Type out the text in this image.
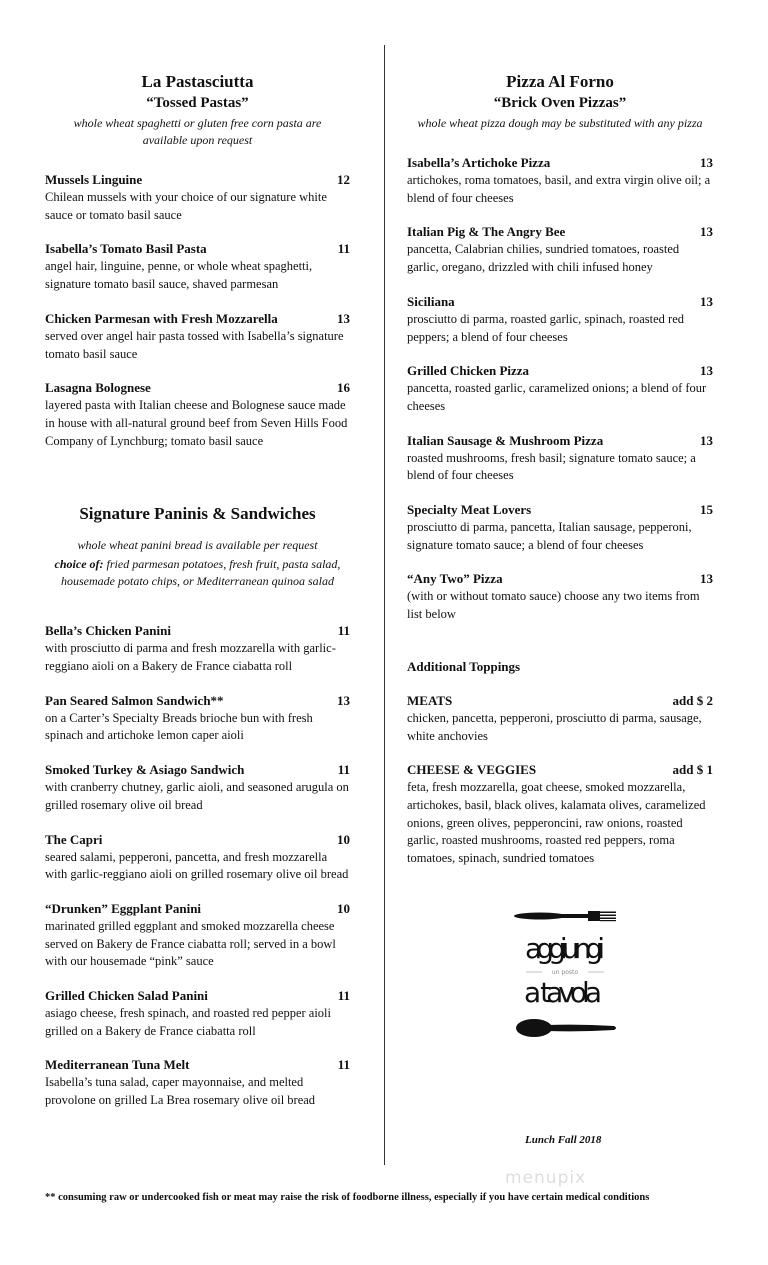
La Pastasciutta
“Tossed Pastas”
whole wheat spaghetti or gluten free corn pasta are available upon request
Mussels Linguine	12
Chilean mussels with your choice of our signature white sauce or tomato basil sauce
Isabella’s Tomato Basil Pasta	11
angel hair, linguine, penne, or whole wheat spaghetti, signature tomato basil sauce, shaved parmesan
Chicken Parmesan with Fresh Mozzarella	13
served over angel hair pasta tossed with Isabella’s signature tomato basil sauce
Lasagna Bolognese	16
layered pasta with Italian cheese and Bolognese sauce made in house with all-natural ground beef from Seven Hills Food Company of Lynchburg; tomato basil sauce
Signature Paninis & Sandwiches
whole wheat panini bread is available per request
choice of: fried parmesan potatoes, fresh fruit, pasta salad, housemade potato chips, or Mediterranean quinoa salad
Bella’s Chicken Panini	11
with prosciutto di parma and fresh mozzarella with garlic-reggiano aioli on a Bakery de France ciabatta roll
Pan Seared Salmon Sandwich**	13
on a Carter’s Specialty Breads brioche bun with fresh spinach and artichoke lemon caper aioli
Smoked Turkey & Asiago Sandwich	11
with cranberry chutney, garlic aioli, and seasoned arugula on grilled rosemary olive oil bread
The Capri	10
seared salami, pepperoni, pancetta, and fresh mozzarella with garlic-reggiano aioli on grilled rosemary olive oil bread
“Drunken” Eggplant Panini	10
marinated grilled eggplant and smoked mozzarella cheese served on Bakery de France ciabatta roll; served in a bowl with our housemade “pink” sauce
Grilled Chicken Salad Panini	11
asiago cheese, fresh spinach, and roasted red pepper aioli grilled on a Bakery de France ciabatta roll
Mediterranean Tuna Melt	11
Isabella’s tuna salad, caper mayonnaise, and melted provolone on grilled La Brea rosemary olive oil bread
Pizza Al Forno
“Brick Oven Pizzas”
whole wheat pizza dough may be substituted with any pizza
Isabella’s Artichoke Pizza	13
artichokes, roma tomatoes, basil, and extra virgin olive oil; a blend of four cheeses
Italian Pig & The Angry Bee	13
pancetta, Calabrian chilies, sundried tomatoes, roasted garlic, oregano, drizzled with chili infused honey
Siciliana	13
prosciutto di parma, roasted garlic, spinach, roasted red peppers; a blend of four cheeses
Grilled Chicken Pizza	13
pancetta, roasted garlic, caramelized onions; a blend of four cheeses
Italian Sausage & Mushroom Pizza	13
roasted mushrooms, fresh basil; signature tomato sauce; a blend of four cheeses
Specialty Meat Lovers	15
prosciutto di parma, pancetta, Italian sausage, pepperoni, signature tomato sauce; a blend of four cheeses
“Any Two” Pizza	13
(with or without tomato sauce) choose any two items from list below
Additional Toppings
MEATS	add $ 2
chicken, pancetta, pepperoni, prosciutto di parma, sausage, white anchovies
CHEESE & VEGGIES	add $ 1
feta, fresh mozzarella, goat cheese, smoked mozzarella, artichokes, basil, black olives, kalamata olives, caramelized onions, green olives, pepperoncini, raw onions, roasted garlic, roasted mushrooms, roasted red peppers, roma tomatoes, spinach, sundried tomatoes
aggiungi
un posto
a tavola
Lunch Fall 2018
menupix
** consuming raw or undercooked fish or meat may raise the risk of foodborne illness, especially if you have certain medical conditions
